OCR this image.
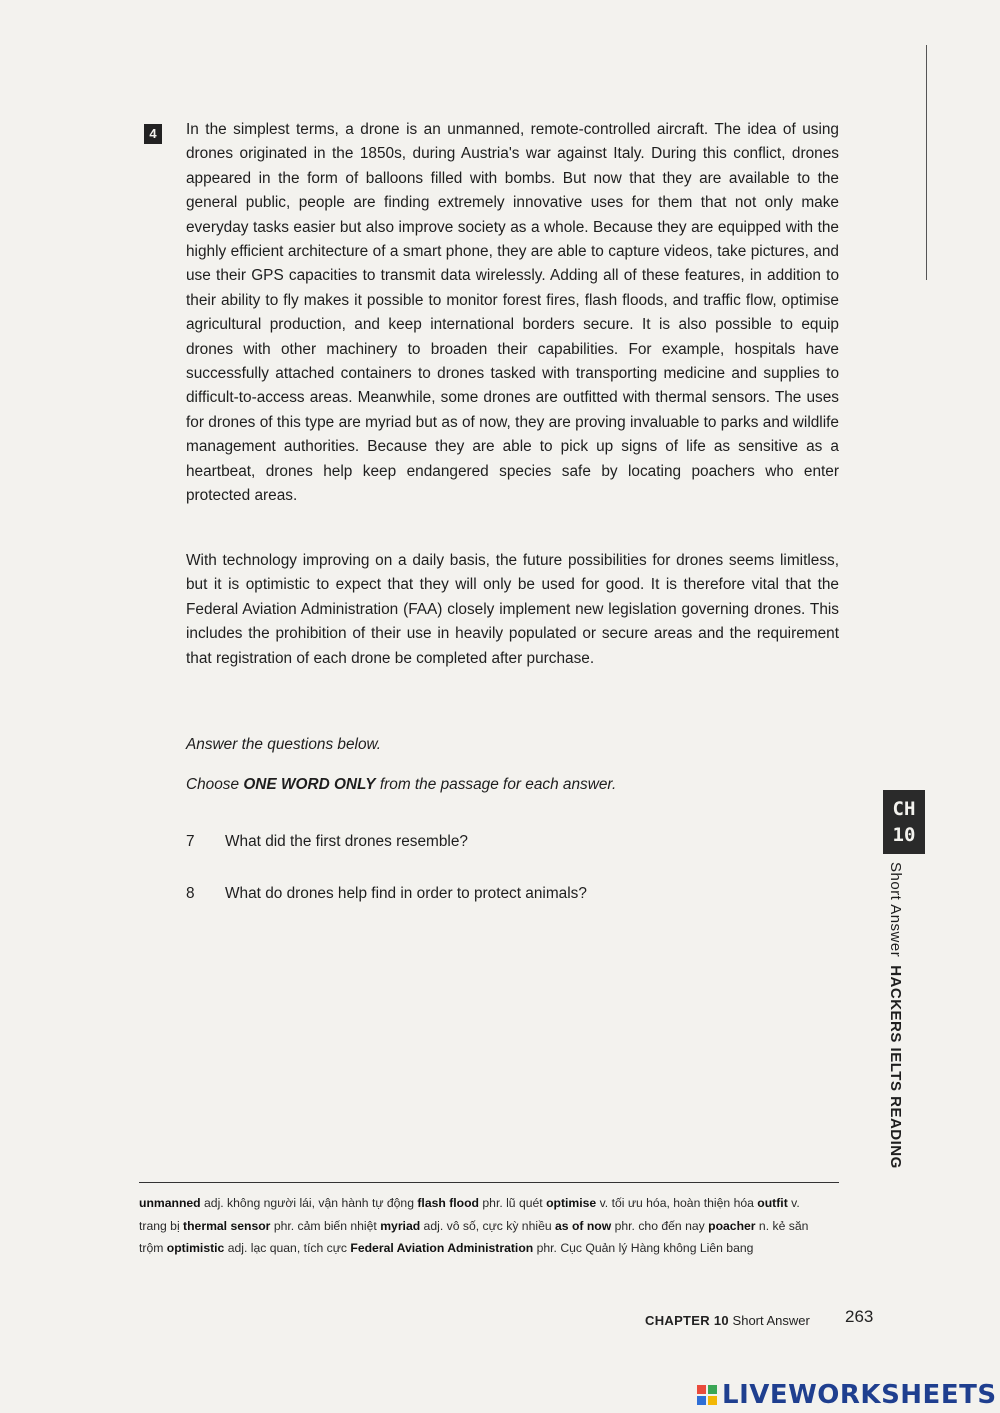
4	In the simplest terms, a drone is an unmanned, remote-controlled aircraft. The idea of using drones originated in the 1850s, during Austria's war against Italy. During this conflict, drones appeared in the form of balloons filled with bombs. But now that they are available to the general public, people are finding extremely innovative uses for them that not only make everyday tasks easier but also improve society as a whole. Because they are equipped with the highly efficient architecture of a smart phone, they are able to capture videos, take pictures, and use their GPS capacities to transmit data wirelessly. Adding all of these features, in addition to their ability to fly makes it possible to monitor forest fires, flash floods, and traffic flow, optimise agricultural production, and keep international borders secure. It is also possible to equip drones with other machinery to broaden their capabilities. For example, hospitals have successfully attached containers to drones tasked with transporting medicine and supplies to difficult-to-access areas. Meanwhile, some drones are outfitted with thermal sensors. The uses for drones of this type are myriad but as of now, they are proving invaluable to parks and wildlife management authorities. Because they are able to pick up signs of life as sensitive as a heartbeat, drones help keep endangered species safe by locating poachers who enter protected areas.

With technology improving on a daily basis, the future possibilities for drones seems limitless, but it is optimistic to expect that they will only be used for good. It is therefore vital that the Federal Aviation Administration (FAA) closely implement new legislation governing drones. This includes the prohibition of their use in heavily populated or secure areas and the requirement that registration of each drone be completed after purchase.

Answer the questions below.
Choose ONE WORD ONLY from the passage for each answer.
7 What did the first drones resemble?
8 What do drones help find in order to protect animals?
CH
10
Short AnswerHACKERS IELTS READING

unmanned adj. không người lái, vận hành tự động flash flood phr. lũ quét optimise v. tối ưu hóa, hoàn thiện hóa outfit v. trang bị thermal sensor phr. cảm biến nhiệt myriad adj. vô số, cực kỳ nhiều as of now phr. cho đến nay poacher n. kẻ săn trộm optimistic adj. lạc quan, tích cực Federal Aviation Administration phr. Cục Quản lý Hàng không Liên bang

CHAPTER 10 Short Answer 263
LIVEWORKSHEETS
